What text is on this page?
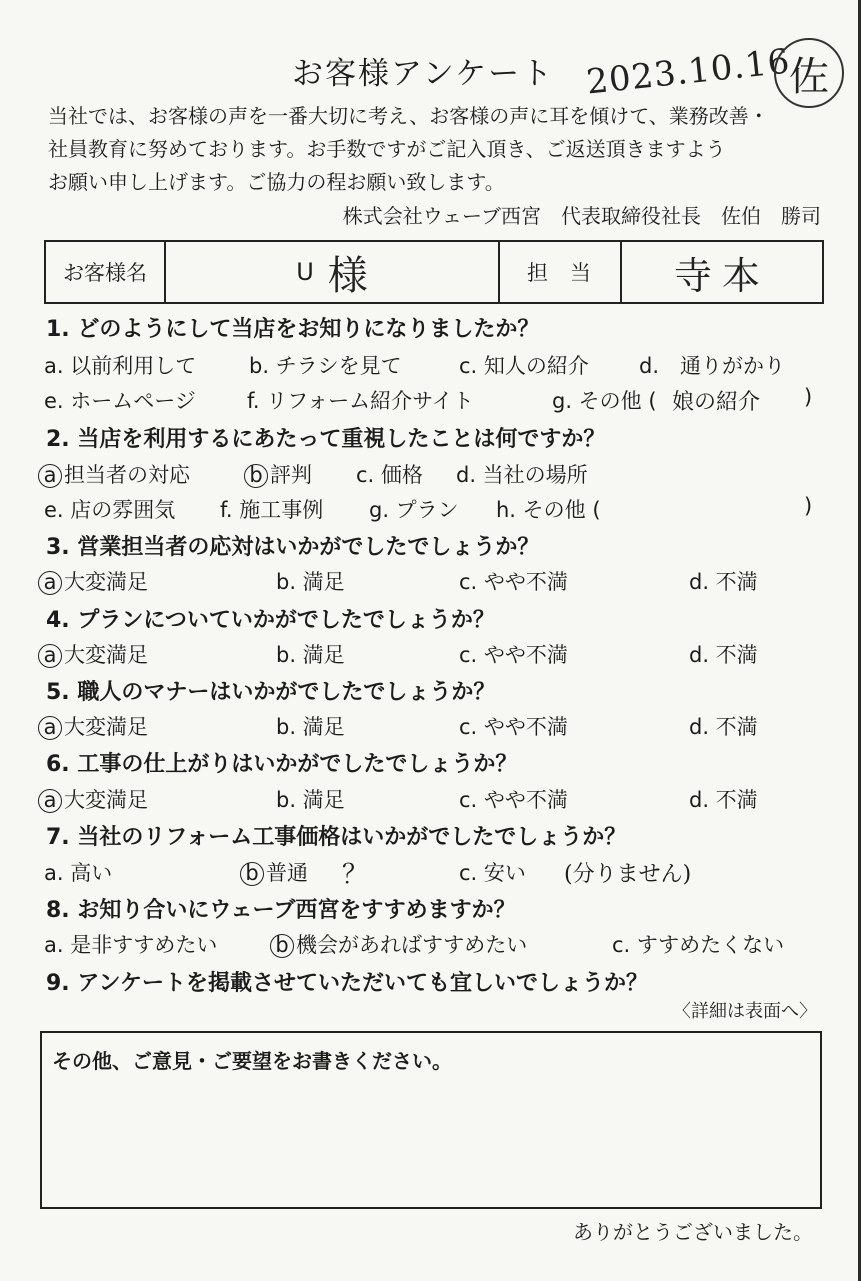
お客様アンケート 2023.10.16
佐
当社では、お客様の声を一番大切に考え、お客様の声に耳を傾けて、業務改善・
社員教育に努めております。お手数ですがご記入頂き、ご返送頂きますよう
お願い申し上げます。ご協力の程お願い致します。
株式会社ウェーブ西宮 代表取締役社長 佐伯　勝司
お客様名	U 様	担当	寺本
1. どのようにして当店をお知りになりましたか？
a. 以前利用して	b. チラシを見て	c. 知人の紹介 d.　通りがかり
e. ホームページ f. リフォーム紹介サイト	g. その他 ( 娘の紹介 )
2. 当店を利用するにあたって重視したことは何ですか？
a 担当者の対応	b 評判 c. 価格 d. 当社の場所
e. 店の雰囲気 f. 施工事例 g. プラン h. その他 (	)
3. 営業担当者の応対はいかがでしたでしょうか？
a 大変満足	b. 満足	c. やや不満	d. 不満
4. プランについていかがでしたでしょうか？
a 大変満足	b. 満足	c. やや不満	d. 不満
5. 職人のマナーはいかがでしたでしょうか？
a 大変満足	b. 満足	c. やや不満	d. 不満
6. 工事の仕上がりはいかがでしたでしょうか？
a 大変満足	b. 満足	c. やや不満	d. 不満
7. 当社のリフォーム工事価格はいかがでしたでしょうか？
a. 高い	b 普通 ？	c. 安い (分りません)
8. お知り合いにウェーブ西宮をすすめますか？
a. 是非すすめたい	b 機会があればすすめたい	c. すすめたくない
9. アンケートを掲載させていただいても宜しいでしょうか？
〈詳細は表面へ〉
その他、ご意見・ご要望をお書きください。
ありがとうございました。
